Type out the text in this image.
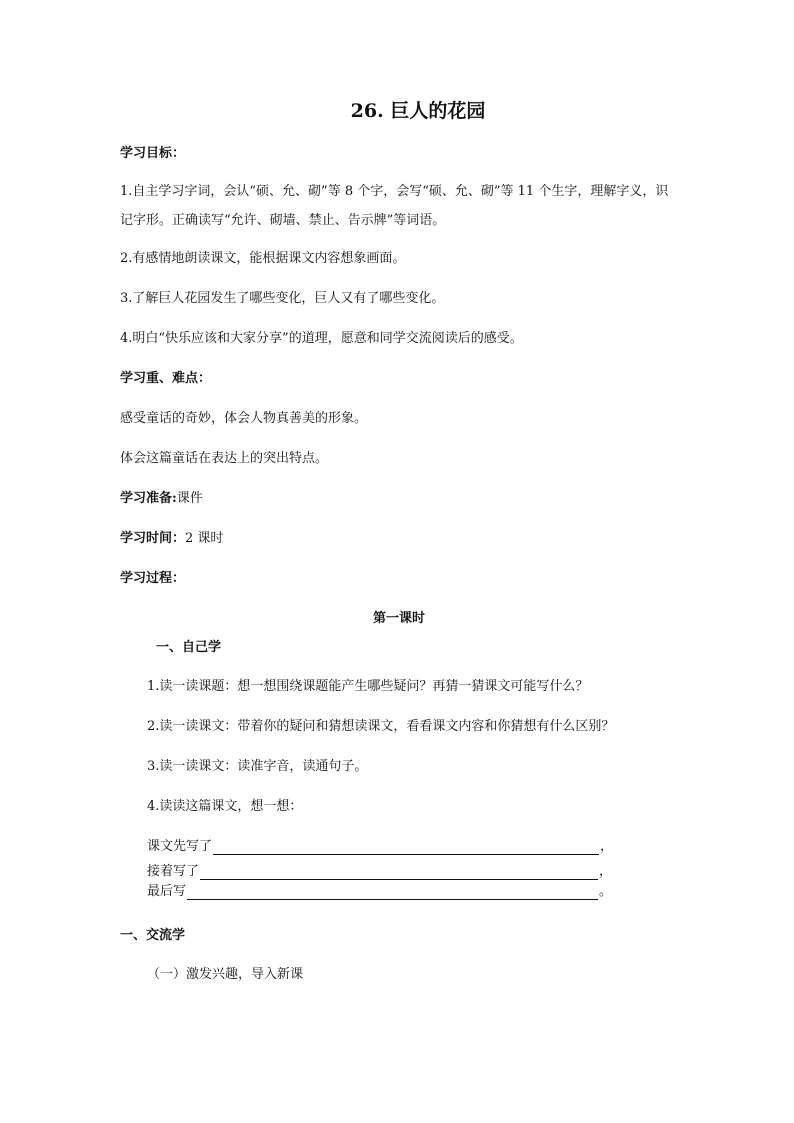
26. 巨人的花园
学习目标：
1.自主学习字词，会认“硕、允、砌”等 8 个字，会写“硕、允、砌”等 11 个生字，理解字义，识记字形。正确读写“允许、砌墙、禁止、告示牌”等词语。
2.有感情地朗读课文，能根据课文内容想象画面。
3.了解巨人花园发生了哪些变化，巨人又有了哪些变化。
4.明白“快乐应该和大家分享”的道理，愿意和同学交流阅读后的感受。
学习重、难点：
感受童话的奇妙，体会人物真善美的形象。
体会这篇童话在表达上的突出特点。
学习准备:课件
学习时间：2 课时
学习过程：
第一课时
一、自己学
1.读一读课题：想一想围绕课题能产生哪些疑问？再猜一猜课文可能写什么？
2.读一读课文：带着你的疑问和猜想读课文，看看课文内容和你猜想有什么区别？
3.读一读课文：读准字音，读通句子。
4.读读这篇课文，想一想：
课文先写了	，
接着写了	，
最后写	。
一、交流学
（一）激发兴趣，导入新课
